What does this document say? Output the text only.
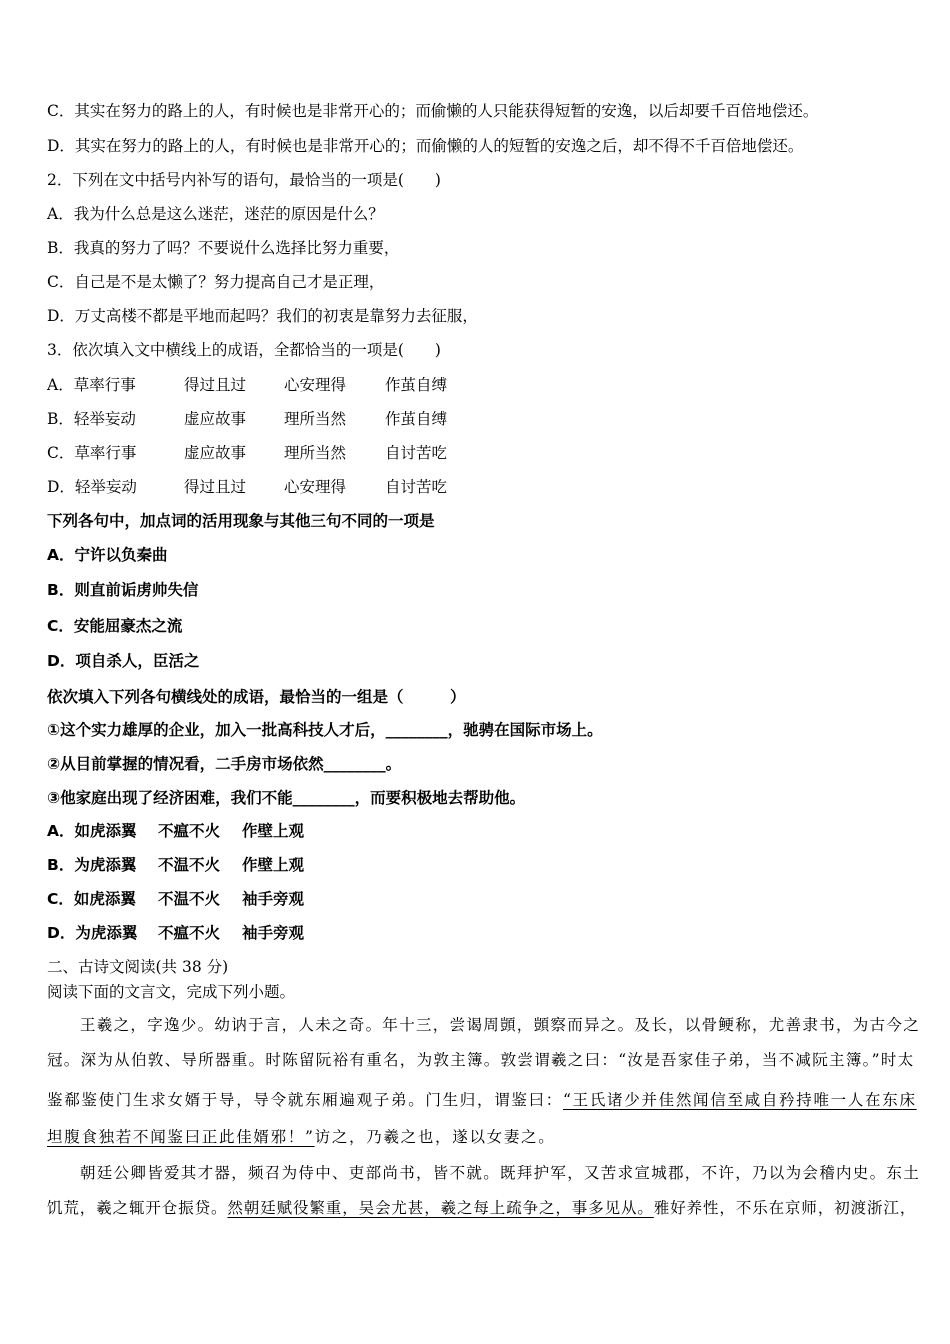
C．其实在努力的路上的人，有时候也是非常开心的；而偷懒的人只能获得短暂的安逸，以后却要千百倍地偿还。
D．其实在努力的路上的人，有时候也是非常开心的；而偷懒的人的短暂的安逸之后，却不得不千百倍地偿还。
2．下列在文中括号内补写的语句，最恰当的一项是(　　)
A．我为什么总是这么迷茫，迷茫的原因是什么？
B．我真的努力了吗？不要说什么选择比努力重要，
C．自己是不是太懒了？努力提高自己才是正理，
D．万丈高楼不都是平地而起吗？我们的初衷是靠努力去征服，
3．依次填入文中横线上的成语，全都恰当的一项是(　　)
A．草率行事	得过且过 心安理得	作茧自缚
B．轻举妄动	虚应故事 理所当然	作茧自缚
C．草率行事	虚应故事 理所当然	自讨苦吃
D．轻举妄动	得过且过 心安理得	自讨苦吃
下列各句中，加点词的活用现象与其他三句不同的一项是
A．宁许以负秦曲
B．则直前诟虏帅失信
C．安能屈豪杰之流
D．项自杀人，臣活之
依次填入下列各句横线处的成语，最恰当的一组是（　　　）
①这个实力雄厚的企业，加入一批高科技人才后，________，驰骋在国际市场上。
②从目前掌握的情况看，二手房市场依然________。
③他家庭出现了经济困难，我们不能________，而要积极地去帮助他。
A．如虎添翼 不瘟不火 作壁上观
B．为虎添翼 不温不火 作壁上观
C．如虎添翼 不温不火 袖手旁观
D．为虎添翼 不瘟不火 袖手旁观
二、古诗文阅读(共 38 分)
阅读下面的文言文，完成下列小题。
王羲之，字逸少。幼讷于言，人未之奇。年十三，尝谒周顗，顗察而异之。及长，以骨鲠称，尤善隶书，为古今之
冠。深为从伯敦、导所器重。时陈留阮裕有重名，为敦主簿。敦尝谓羲之曰：“汝是吾家佳子弟，当不减阮主簿。”时太
鉴郗鉴使门生求女婿于导，导令就东厢遍观子弟。门生归，谓鉴曰：“王氏诸少并佳然闻信至咸自矜持唯一人在东床
坦腹食独若不闻鉴曰正此佳婿邪！”访之，乃羲之也，遂以女妻之。
朝廷公卿皆爱其才器，频召为侍中、吏部尚书，皆不就。既拜护军，又苦求宣城郡，不许，乃以为会稽内史。东土
饥荒，羲之辄开仓振贷。然朝廷赋役繁重，吴会尤甚，羲之每上疏争之，事多见从。雅好养性，不乐在京师，初渡浙江，
